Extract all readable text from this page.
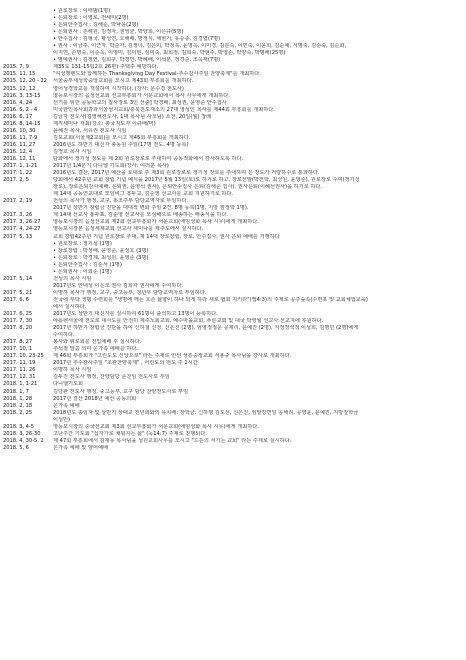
• 원로장로 : 이태범(1명)
• 은퇴장로 : 이영로, 전세미(2명)
• 은퇴안수집사 : 김해준, 박낙윤(2명)
• 은퇴권사 : 손해원, 김정자, 권영균, 박양희, 이은규(5명)
• 안수집사 : 김형국, 황성연, 오해배, 방정식, 채현기, 유승종, 김경엽(7명)
• 권사 : 이금주, 이근자, 박순자, 김정녀, 김은미, 박정옥, 윤명옥, 이미경, 김분숙, 이민숙, 이윤희, 김순예, 서명숙, 김순숙, 김순화,
이지연, 손명숙, 이순옥, 이영미, 김미현, 심미숙, 최희정, 김희숙, 박현수, 박영순, 박양숙, 박명해(25명)
• 명예권사 : 김정연, 김희구, 박경연, 박혜배, 이석분, 정경순, 조옥재(7명)
2015. 7, 9	제35도 131-15팀2호 26편) 주택주 예방하다.
2015. 11, 15	"여성행렌드와 함께하는 Thanksgiving Day Festival-추수감사주일 찬양축제"를 개최하다.
2015. 12, 20 - 22	서울중부새성학중앙교회를 모시고 제43회 부흥회를 개최하다.
2015. 12, 12	영어성경학교를 개설하여 시작하다. (강사: 문수경 전도사)
2016. 3, 13-15	영등포시장의 음성선교회 선교부흥회가 서문교회에서 목사 사무에게 개최하다.
2016. 4, 24	선거를 위한 공동학교의 집사장로 3인 선출] 박경배, 최성권, 윤영준 안수집사
2016. 5, 2 - 4	미국한인목사회과과서울성지교회/충북전도재소의 27대 영성인 목사를 제44회 부흥회를 개최하다.
2016. 6, 17	김금자 전도사(김영해전도사, 1대 목사님 사모님) 소천, 20일(월) 장례
2016. 8, 14-15	제직세미나 개최(강소: 총국지도자 이규배/미)
2016. 10, 30	윤혜진 목사, 서유권 전도사 시임
2016. 11, 7-9	김포교회(서울제2교회)를 모시고 제45회 부흥회를 개최하다.
2016. 11, 27	2016년도 하반기 대신자 총동원 주일(17명 전도, 4명 등록)
2016. 12, 4	김정호 목사 시임
2016. 12, 11	담화에서 정기성 정도를 제 2회 원로장로로 추대하여 공동적화에서 감사하도록 하다.
2017. 1, 1-21	2017년 1/4분기 다니엘 기도회(강사: 여러분 목사)
2017. 1, 22	2016년도 결산, 2017년 예산을 토대로 주 제3회 원로장로로 정기성 장로를 추대하며 은 장도가 거량하수로 통과하다.
2017. 2, 5	당회에서 42주년 교회 창립 기념 예식을 2017년 5월 13일(토)로 하기로 하고, 장로선발(박전학, 최성원, 윤영준), 원로장로 수여(정기성
장로), 장로은퇴감사예배, 은퇴권, 윤영석 권사), 은퇴안수집사 은퇴(김해준 집사), 권사은퇴(이혜선권사)을 하기로 하다.
제 14대 공동연교대로 모임비그 흥두교, 김순영 선교사를 교회 지원하기로 하다.
2017. 2, 19	천성의 목사가 행정, 교구, 홍조주부 담당교역자로 부임하다.
2017년 상반기 창립금 진단을 대대적 변화 주일 2건, 8명 등록(1명, 지방 잠정학 1명).
2017. 3, 26	제 14대 선교사 홍두표, 김순영 선교사를 모심해으로 배송하는 배송식을 하다.
2017. 3, 26-27	영등포시장의 음성선교회 제2회 선교부흥회가 서문교회(에임성화 목사 시무)에게 개최하다.
2017. 4, 24-27	영등포시장본 음성세계교회 선교사 세미나를 제주도에서 실시하다.
2017. 5, 13	교회 창립42주년 기념 원로장로 추대, 제 14대 장로장립, 장로, 안수집사, 권사 은퇴 예배를 거행하다
• 원로장로 : 정기성 (1명)
• 장로장립 : 박성배, 윤영준, 윤성호 (3명)
• 은퇴장로 : 박경제, 최성원, 윤영준 (3명)
• 은퇴안수집사 : 김순서 (1명)
• 은퇴권사 : 이희순 (1명)
2017. 5, 14	천성의 목사 시임
2017년도 안내성 이은모 권사 김희자 권사에게 수여하다.
2017. 5, 21	이명하 목사가 행정, 교구, 중고등부, 청년부 담당교역자로 부임하다.
2017. 6, 6	전국에 부탁 생명 수련회를 "생명에 깨는 흐손 삶향이 하나 되게 하라 새로 협회 지키라"(엡4:3)의 주제로 공주숲속(수련포 및 교회체험교육)
에서 실시하다.
2017. 6, 25	2017년도 상반기 대신자를 실시하여 61명이 출석하고 13명이 등록하다.
2017. 7, 30	야롱펜서울에 전도로 대사도를 안전히 제주노회교회, 예수마을교회, 푸른교회 및 대국 박영월 선교사 선교지에 후원하다.
2017. 8, 20	2017년 하반기 창립금 진단을 하여 신하철 신청, 신은진 (2명), 엄영정정운 공제리, 윤예진 (2명), 지정정석정 이성희, 김명민 (2명)에게
수여하다.
2017. 8, 27	봉사와 위로회를 전입예배 후 실시하다.
2017. 10, 1	추석절 말씀 의미 온가족 예배를 하다.
2017. 10, 23-25	제 46회 부흥회가 "고린도도 신앙으로" 라는 주제로 인선 성흥중정교회 서용중 목사님을 강사로 개최하다.
2017. 11, 19	2017년 추수감사주일 "초관찬양축제" , 어린도의 전도 주 1시간
2017. 11, 26	이명하 목사 시임
2017. 12, 31	김두진 전도사 행정, 찬양담당 준찬임 전도사로 부임
2018. 1, 1-21	다니엘기도회
2018. 1, 7	김당판 전도사 행정, 중고등부, 교구 담당 찬양전도사로 부임
2018. 1, 28	2017년 결산 2018년 예산 공동의회
2018. 2, 18	온가족 예배
2018. 2, 25	2018년도 총임자 및 상반기 상대교 전년회와의 유치배: 장학금: 신하행 김도선, 신은진, 엄밭장면일 공해리, 공영윤, 윤예진, 지방장학금
이성민)
2018. 3, 4-5	영등포시장의 중국선교회 제3회 선교부흥회가 서문교회(에임성화 목사 시무)에게 개최하다.
2018. 3, 26-30	고난주간 기도회 "십자가로 채워지는 삶" (눅14:7) 주제로 진행되다.
2018. 4, 30-5, 2	제 47회 부흥회에서 김재동 목사님을 성원교회사무를 모시고 "드든의 서기는 교회" 라는 주제로 실시하다.
2018. 5, 6	온가족 예배 및 양어예배
